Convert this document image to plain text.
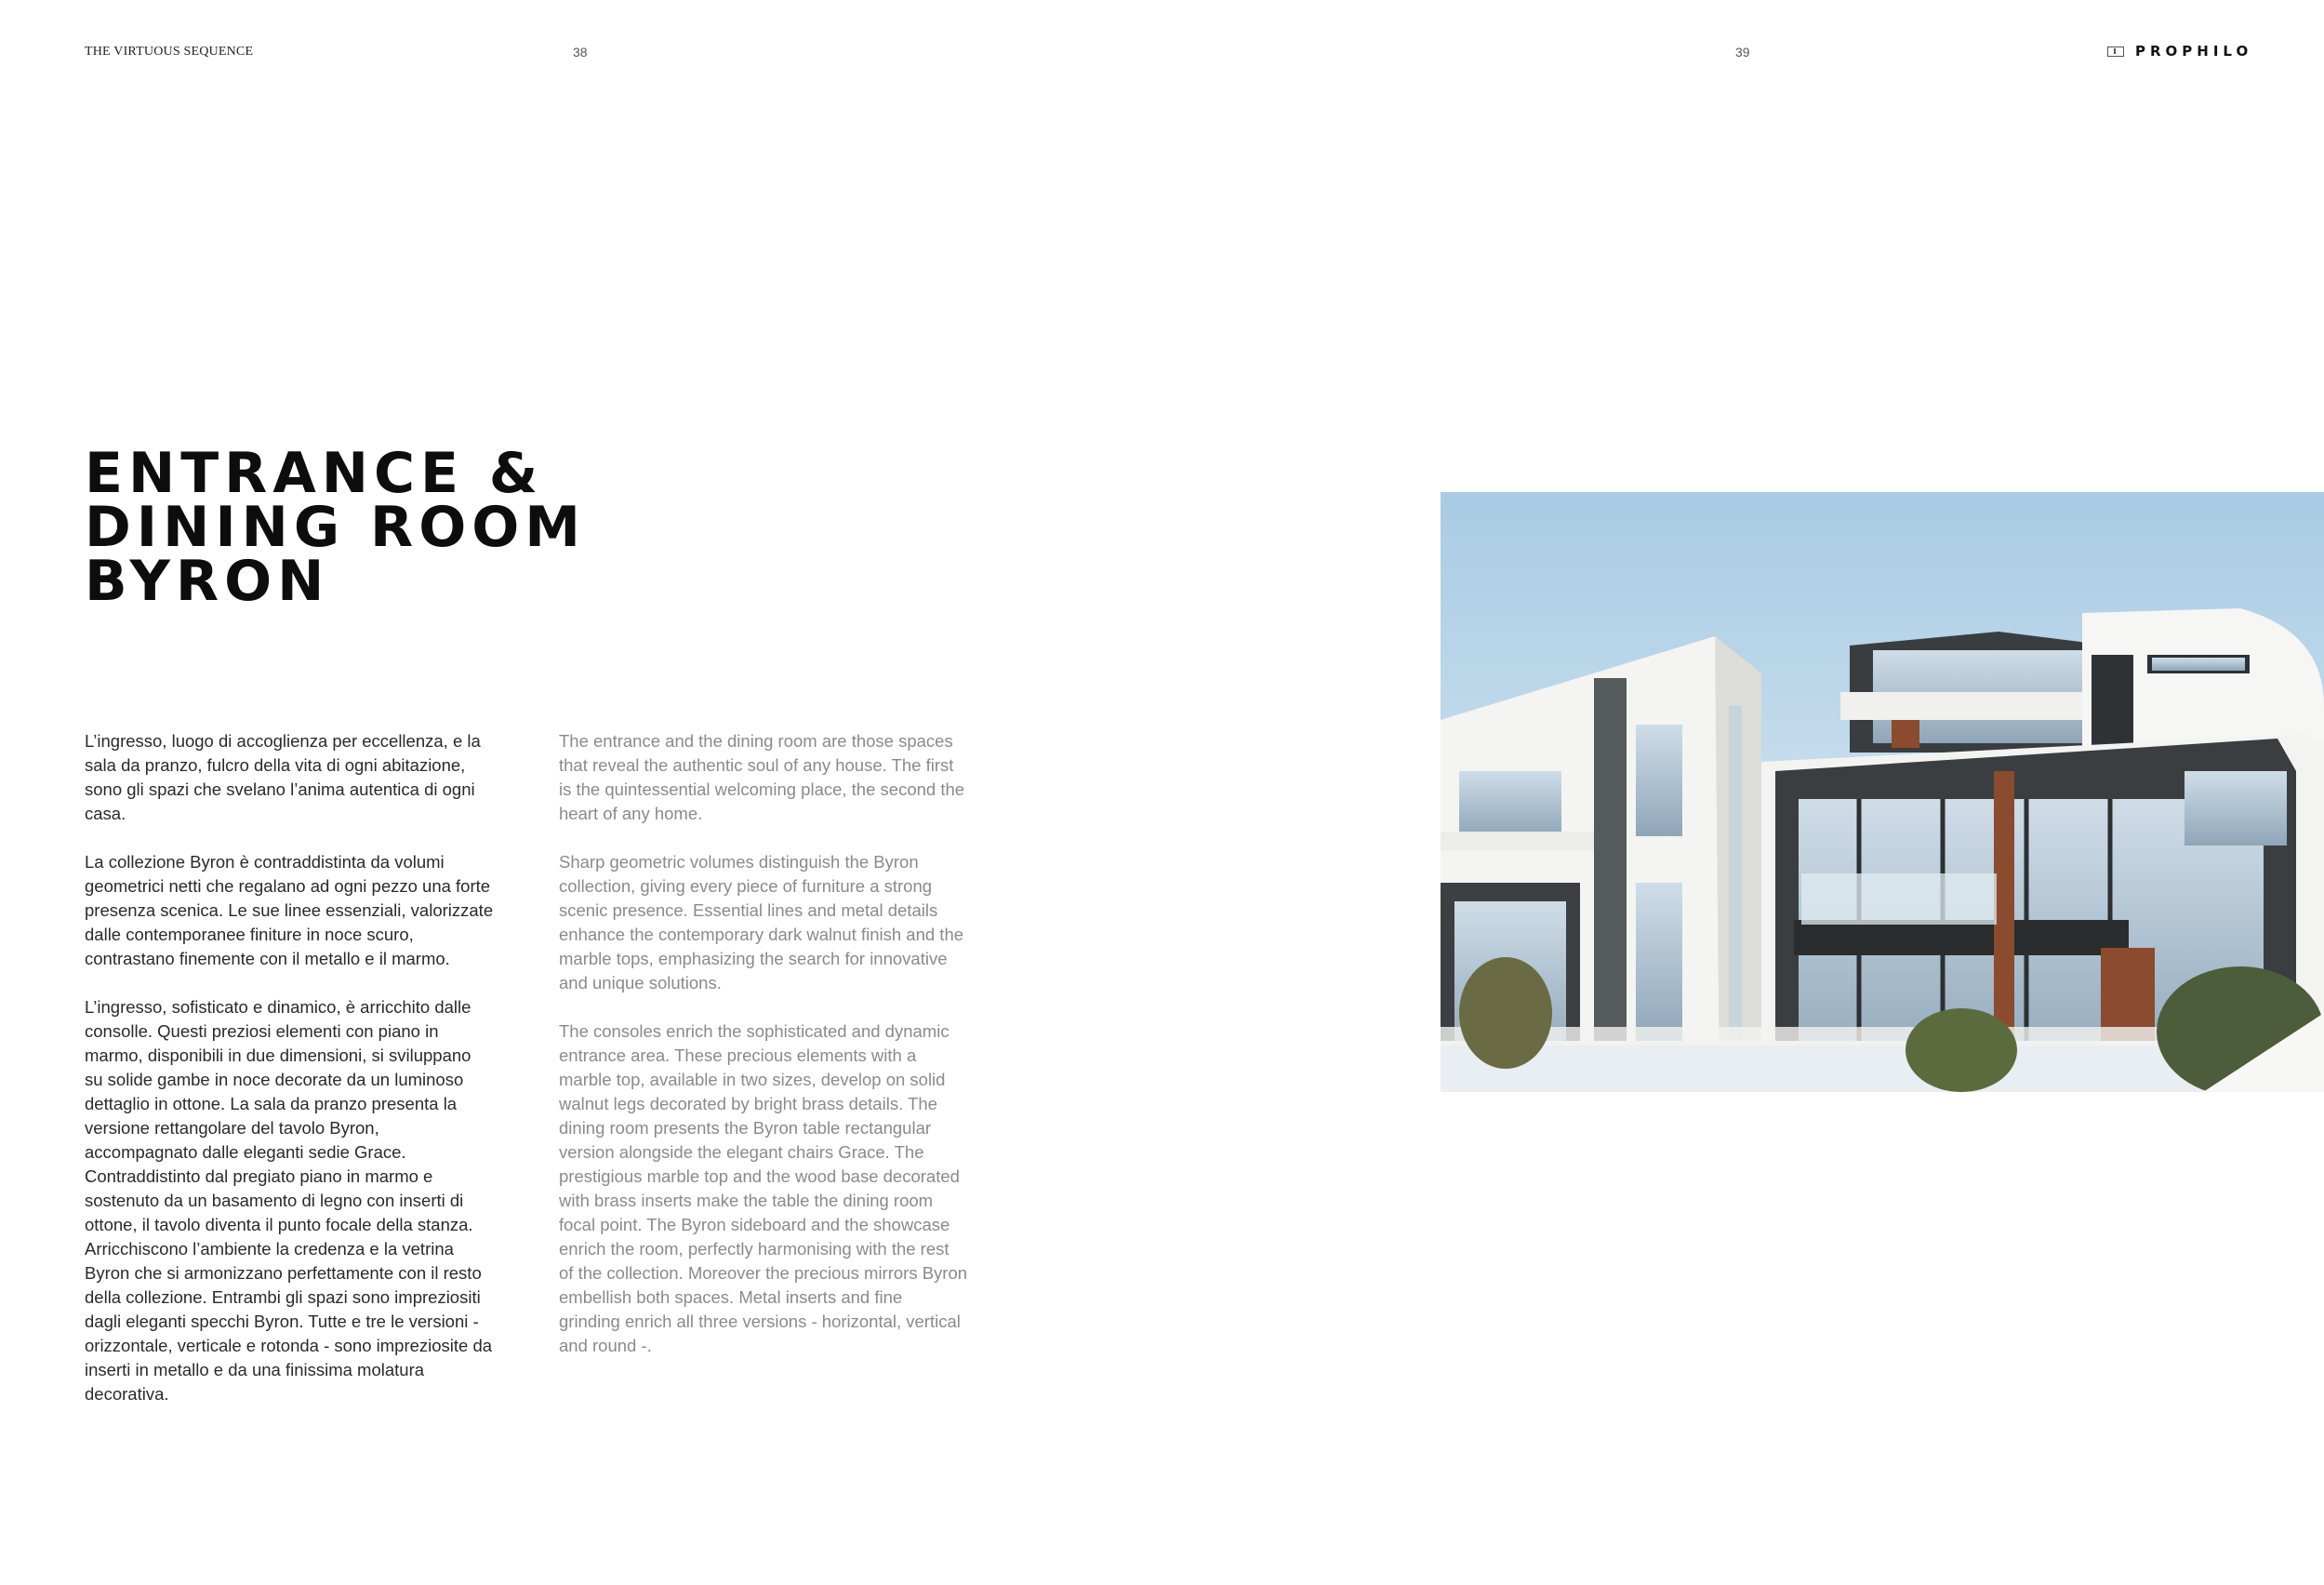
THE VIRTUOUS SEQUENCE	38	39	PROPHILO
ENTRANCE &
DINING ROOM
BYRON

L’ingresso, luogo di accoglienza per eccellenza, e la sala da pranzo, fulcro della vita di ogni abitazione, sono gli spazi che svelano l’anima autentica di ogni casa.

La collezione Byron è contraddistinta da volumi geometrici netti che regalano ad ogni pezzo una forte presenza scenica. Le sue linee essenziali, valorizzate dalle contemporanee finiture in noce scuro, contrastano finemente con il metallo e il marmo.

L’ingresso, sofisticato e dinamico, è arricchito dalle consolle. Questi preziosi elementi con piano in marmo, disponibili in due dimensioni, si sviluppano su solide gambe in noce decorate da un luminoso dettaglio in ottone. La sala da pranzo presenta la versione rettangolare del tavolo Byron, accompagnato dalle eleganti sedie Grace. Contraddistinto dal pregiato piano in marmo e sostenuto da un basamento di legno con inserti di ottone, il tavolo diventa il punto focale della stanza. Arricchiscono l’ambiente la credenza e la vetrina Byron che si armonizzano perfettamente con il resto della collezione. Entrambi gli spazi sono impreziositi dagli eleganti specchi Byron. Tutte e tre le versioni - orizzontale, verticale e rotonda - sono impreziosite da inserti in metallo e da una finissima molatura decorativa.

The entrance and the dining room are those spaces that reveal the authentic soul of any house. The first is the quintessential welcoming place, the second the heart of any home.

Sharp geometric volumes distinguish the Byron collection, giving every piece of furniture a strong scenic presence. Essential lines and metal details enhance the contemporary dark walnut finish and the marble tops, emphasizing the search for innovative and unique solutions.

The consoles enrich the sophisticated and dynamic entrance area. These precious elements with a marble top, available in two sizes, develop on solid walnut legs decorated by bright brass details. The dining room presents the Byron table rectangular version alongside the elegant chairs Grace. The prestigious marble top and the wood base decorated with brass inserts make the table the dining room focal point. The Byron sideboard and the showcase enrich the room, perfectly harmonising with the rest of the collection. Moreover the precious mirrors Byron embellish both spaces. Metal inserts and fine grinding enrich all three versions - horizontal, vertical and round -.
